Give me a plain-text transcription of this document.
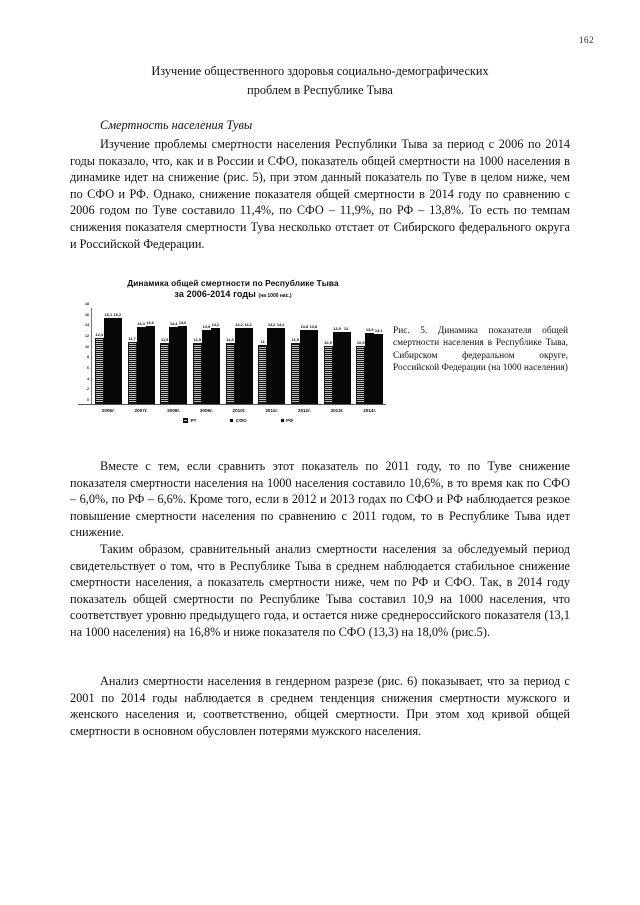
162
Изучение общественного здоровья социально-демографических
проблем в Республике Тыва
Смертность населения Тувы

Изучение проблемы смертности населения Республики Тыва за период с 2006 по 2014 годы показало, что, как и в России и СФО, показатель общей смертности на 1000 населения в динамике идет на снижение (рис. 5), при этом данный показатель по Туве в целом ниже, чем по СФО и РФ. Однако, снижение показателя общей смертности в 2014 году по сравнению с 2006 годом по Туве составило 11,4%, по СФО – 11,9%, по РФ – 13,8%. То есть по темпам снижения показателя смертности Тува несколько отстает от Сибирского федерального округа и Российской Федерации.

Динамика общей смертности по Республике Тыва
за 2006-2014 годы (на 1000 нас.)
0
2
4
6
8
10
12
14
16
18
12,3
16,1 16,2
11,7
14,4 14,6
11,5
14,4 14,6
11,5
13,9 14,2
11,5
14,2 14,2
11
14,2 14,2
11,5
13,8 13,8
10,9
13,5 13
10,9
13,5 13,1
2006г.	2007г.	2008г.	2009г.	2010г.	2011г.	2012г.	2013г.	2014г.
РТ	СФО	РФ
Рис. 5. Динамика показателя общей смертности населения в Республике Тыва, Сибирском федеральном округе, Российской Федерации (на 1000 населения)

Вместе с тем, если сравнить этот показатель по 2011 году, то по Туве снижение показателя смертности населения на 1000 населения составило 10,6%, в то время как по СФО – 6,0%, по РФ – 6,6%. Кроме того, если в 2012 и 2013 годах по СФО и РФ наблюдается резкое повышение смертности населения по сравнению с 2011 годом, то в Республике Тыва идет снижение.

Таким образом, сравнительный анализ смертности населения за обследуемый период свидетельствует о том, что в Республике Тыва в среднем наблюдается стабильное снижение смертности населения, а показатель смертности ниже, чем по РФ и СФО. Так, в 2014 году показатель общей смертности по Республике Тыва составил 10,9 на 1000 населения, что соответствует уровню предыдущего года, и остается ниже среднероссийского показателя (13,1 на 1000 населения) на 16,8% и ниже показателя по СФО (13,3) на 18,0% (рис.5).

Анализ смертности населения в гендерном разрезе (рис. 6) показывает, что за период с 2001 по 2014 годы наблюдается в среднем тенденция снижения смертности мужского и женского населения и, соответственно, общей смертности. При этом ход кривой общей смертности в основном обусловлен потерями мужского населения.
